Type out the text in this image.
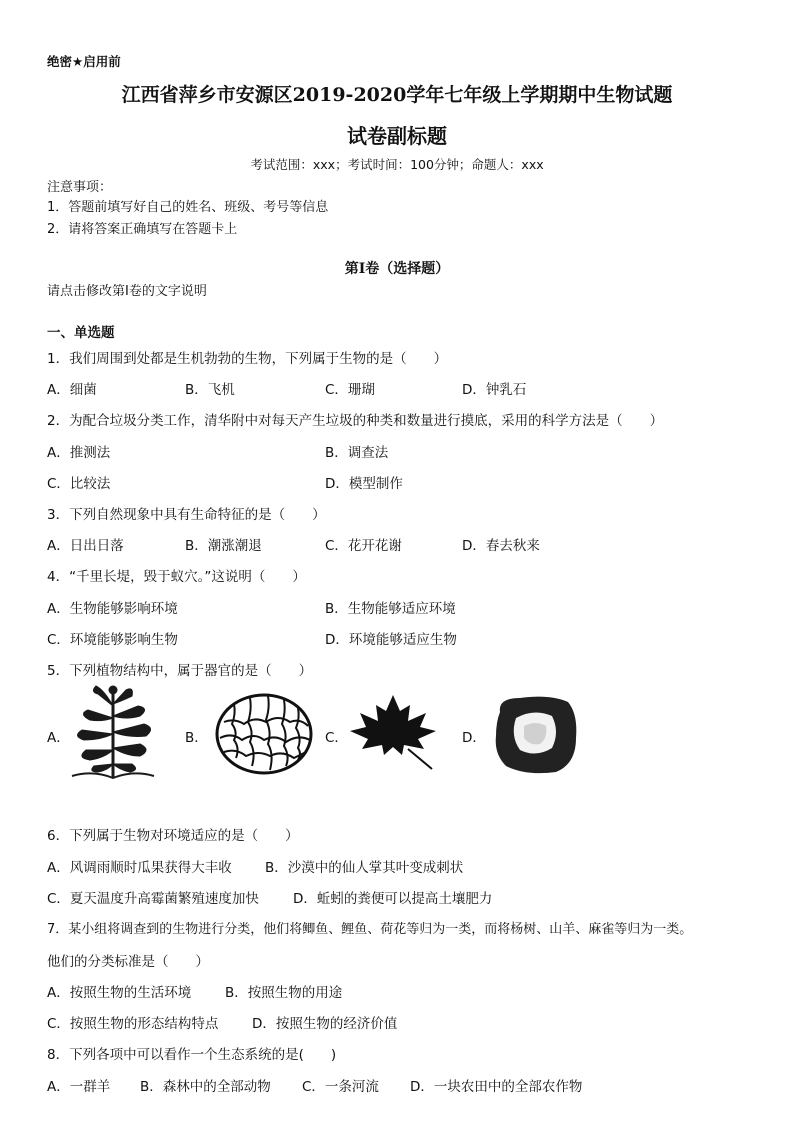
绝密★启用前
江西省萍乡市安源区2019-2020学年七年级上学期期中生物试题
试卷副标题
考试范围：xxx；考试时间：100分钟；命题人：xxx
注意事项：
1．答题前填写好自己的姓名、班级、考号等信息
2．请将答案正确填写在答题卡上
第I卷（选择题）
请点击修改第I卷的文字说明
一、单选题
1．我们周围到处都是生机勃勃的生物，下列属于生物的是（　　）
A．细菌	B．飞机	C．珊瑚	D．钟乳石
2．为配合垃圾分类工作，清华附中对每天产生垃圾的种类和数量进行摸底，采用的科学方法是（　　）
A．推测法	B．调查法
C．比较法	D．模型制作
3．下列自然现象中具有生命特征的是（　　）
A．日出日落	B．潮涨潮退	C．花开花谢	D．春去秋来
4．“千里长堤，毁于蚁穴。”这说明（　　）
A．生物能够影响环境	B．生物能够适应环境
C．环境能够影响生物	D．环境能够适应生物
5．下列植物结构中，属于器官的是（　　）
A．	B．	C．	D．
6．下列属于生物对环境适应的是（　　）
A．风调雨顺时瓜果获得大丰收 B．沙漠中的仙人掌其叶变成刺状
C．夏天温度升高霉菌繁殖速度加快	D．蚯蚓的粪便可以提高土壤肥力
7．某小组将调查到的生物进行分类，他们将鲫鱼、鲤鱼、荷花等归为一类，而将杨树、山羊、麻雀等归为一类。
他们的分类标准是（　　）
A．按照生物的生活环境	B．按照生物的用途
C．按照生物的形态结构特点 D．按照生物的经济价值
8．下列各项中可以看作一个生态系统的是(　　)
A．一群羊 B．森林中的全部动物 C．一条河流 D．一块农田中的全部农作物
